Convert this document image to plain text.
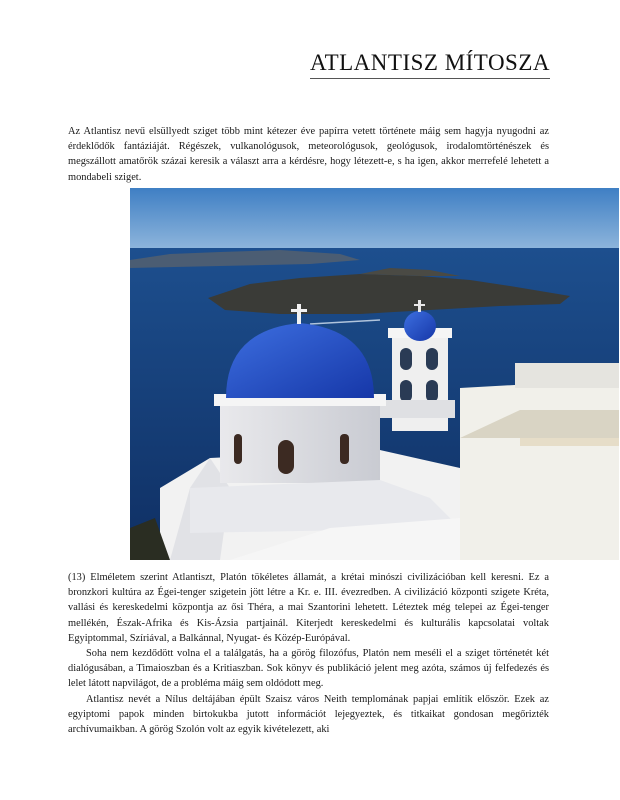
ATLANTISZ MÍTOSZA

Az Atlantisz nevű elsüllyedt sziget több mint kétezer éve papírra vetett története máig sem hagyja nyugodni az érdeklődők fantáziáját. Régészek, vulkanológusok, meteorológusok, geológusok, irodalomtörténészek és megszállott amatőrök százai keresik a választ arra a kérdésre, hogy létezett-e, s ha igen, akkor merrefelé lehetett a mondabeli sziget.

(13) Elméletem szerint Atlantiszt, Platón tökéletes államát, a krétai minószi civilizációban kell keresni. Ez a bronzkori kultúra az Égei-tenger szigetein jött létre a Kr. e. III. évezredben. A civilizáció központi szigete Kréta, vallási és kereskedelmi központja az ősi Théra, a mai Szantorini lehetett. Léteztek még telepei az Égei-tenger mellékén, Észak-Afrika és Kis-Ázsia partjainál. Kiterjedt kereskedelmi és kulturális kapcsolatai voltak Egyiptommal, Szíriával, a Balkánnal, Nyugat- és Közép-Európával.

Soha nem kezdődött volna el a találgatás, ha a görög filozófus, Platón nem meséli el a sziget történetét két dialógusában, a Timaioszban és a Kritiaszban. Sok könyv és publikáció jelent meg azóta, számos új felfedezés és lelet látott napvilágot, de a probléma máig sem oldódott meg.

Atlantisz nevét a Nílus deltájában épült Szaisz város Neith templomának papjai említik először. Ezek az egyiptomi papok minden birtokukba jutott információt lejegyeztek, és titkaikat gondosan megőrizték archívumaikban. A görög Szolón volt az egyik kivételezett, aki
